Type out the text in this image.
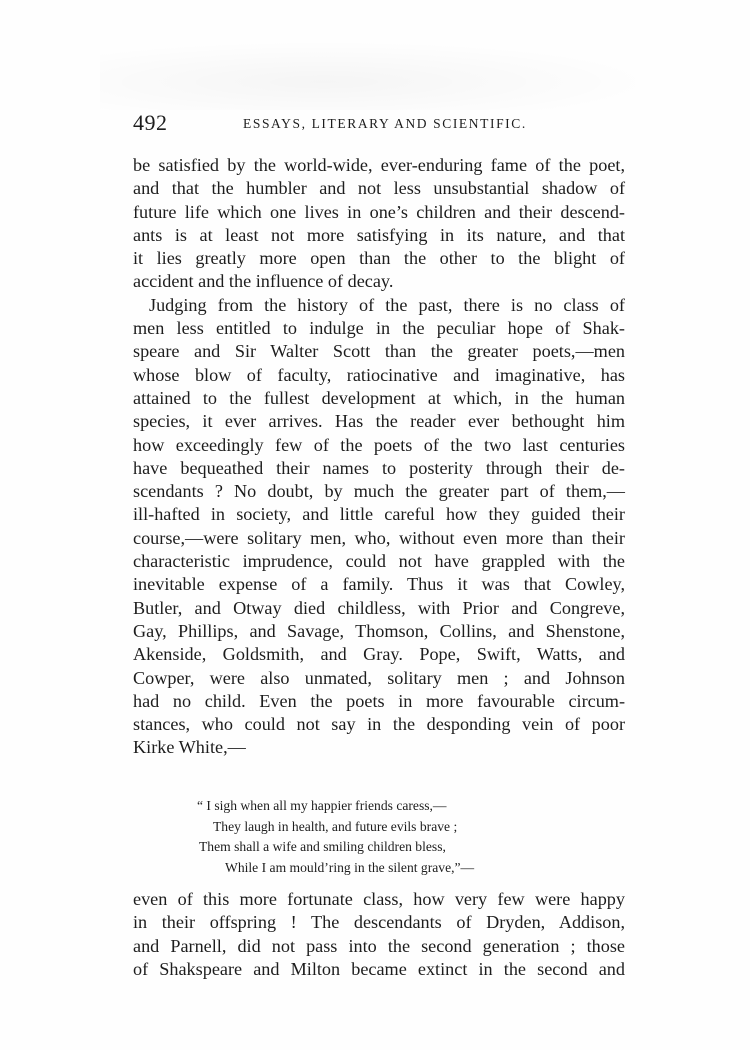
492	ESSAYS, LITERARY AND SCIENTIFIC.
be satisfied by the world-wide, ever-enduring fame of the poet,
and that the humbler and not less unsubstantial shadow of
future life which one lives in one’s children and their descend-
ants is at least not more satisfying in its nature, and that
it lies greatly more open than the other to the blight of
accident and the influence of decay.
Judging from the history of the past, there is no class of
men less entitled to indulge in the peculiar hope of Shak-
speare and Sir Walter Scott than the greater poets,—men
whose blow of faculty, ratiocinative and imaginative, has
attained to the fullest development at which, in the human
species, it ever arrives. Has the reader ever bethought him
how exceedingly few of the poets of the two last centuries
have bequeathed their names to posterity through their de-
scendants ? No doubt, by much the greater part of them,—
ill-hafted in society, and little careful how they guided their
course,—were solitary men, who, without even more than their
characteristic imprudence, could not have grappled with the
inevitable expense of a family. Thus it was that Cowley,
Butler, and Otway died childless, with Prior and Congreve,
Gay, Phillips, and Savage, Thomson, Collins, and Shenstone,
Akenside, Goldsmith, and Gray. Pope, Swift, Watts, and
Cowper, were also unmated, solitary men ; and Johnson
had no child. Even the poets in more favourable circum-
stances, who could not say in the desponding vein of poor
Kirke White,—
“ I sigh when all my happier friends caress,—
They laugh in health, and future evils brave ;
Them shall a wife and smiling children bless,
While I am mould’ring in the silent grave,”—
even of this more fortunate class, how very few were happy
in their offspring ! The descendants of Dryden, Addison,
and Parnell, did not pass into the second generation ; those
of Shakspeare and Milton became extinct in the second and
